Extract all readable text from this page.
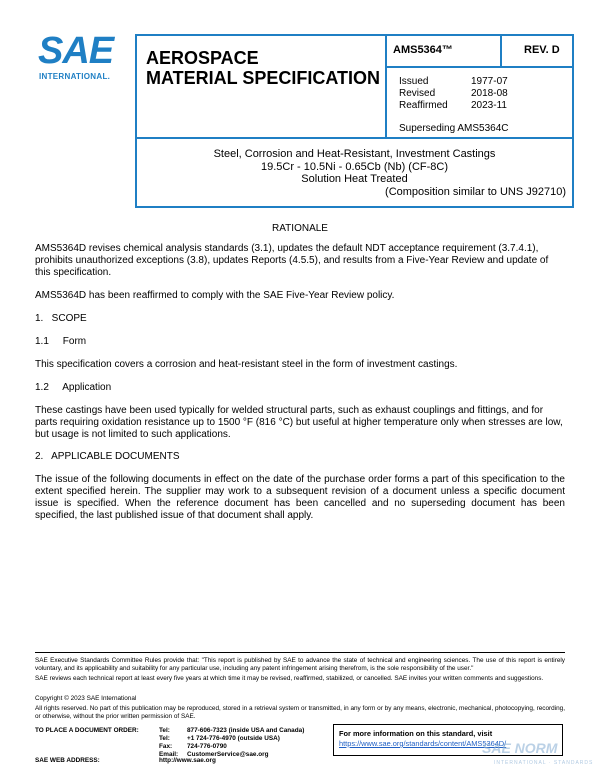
SAE
INTERNATIONAL.
AEROSPACE
MATERIAL SPECIFICATION
AMS5364™	REV. D
Issued	1977-07
Revised	2018-08
Reaffirmed	2023-11
Superseding AMS5364C
Steel, Corrosion and Heat-Resistant, Investment Castings
19.5Cr - 10.5Ni - 0.65Cb (Nb) (CF-8C)
Solution Heat Treated
(Composition similar to UNS J92710)
RATIONALE
AMS5364D revises chemical analysis standards (3.1), updates the default NDT acceptance requirement (3.7.4.1), prohibits unauthorized exceptions (3.8), updates Reports (4.5.5), and results from a Five-Year Review and update of this specification.
AMS5364D has been reaffirmed to comply with the SAE Five-Year Review policy.
1.   SCOPE
1.1     Form
This specification covers a corrosion and heat-resistant steel in the form of investment castings.
1.2     Application
These castings have been used typically for welded structural parts, such as exhaust couplings and fittings, and for parts requiring oxidation resistance up to 1500 °F (816 °C) but useful at higher temperature only when stresses are low, but usage is not limited to such applications.
2.   APPLICABLE DOCUMENTS
The issue of the following documents in effect on the date of the purchase order forms a part of this specification to the extent specified herein. The supplier may work to a subsequent revision of a document unless a specific document issue is specified. When the reference document has been cancelled and no superseding document has been specified, the last published issue of that document shall apply.
SAE Executive Standards Committee Rules provide that: "This report is published by SAE to advance the state of technical and engineering sciences. The use of this report is entirely voluntary, and its applicability and suitability for any particular use, including any patent infringement arising therefrom, is the sole responsibility of the user."
SAE reviews each technical report at least every five years at which time it may be revised, reaffirmed, stabilized, or cancelled. SAE invites your written comments and suggestions.
Copyright © 2023 SAE International
All rights reserved. No part of this publication may be reproduced, stored in a retrieval system or transmitted, in any form or by any means, electronic, mechanical, photocopying, recording, or otherwise, without the prior written permission of SAE.
TO PLACE A DOCUMENT ORDER:	Tel:	877-606-7323 (inside USA and Canada)
Tel:	+1 724-776-4970 (outside USA)
Fax:	724-776-0790
Email:	CustomerService@sae.org
SAE WEB ADDRESS:	http://www.sae.org
For more information on this standard, visit
https://www.sae.org/standards/content/AMS5364D/
SAE NORM
INTERNATIONAL · STANDARDS
